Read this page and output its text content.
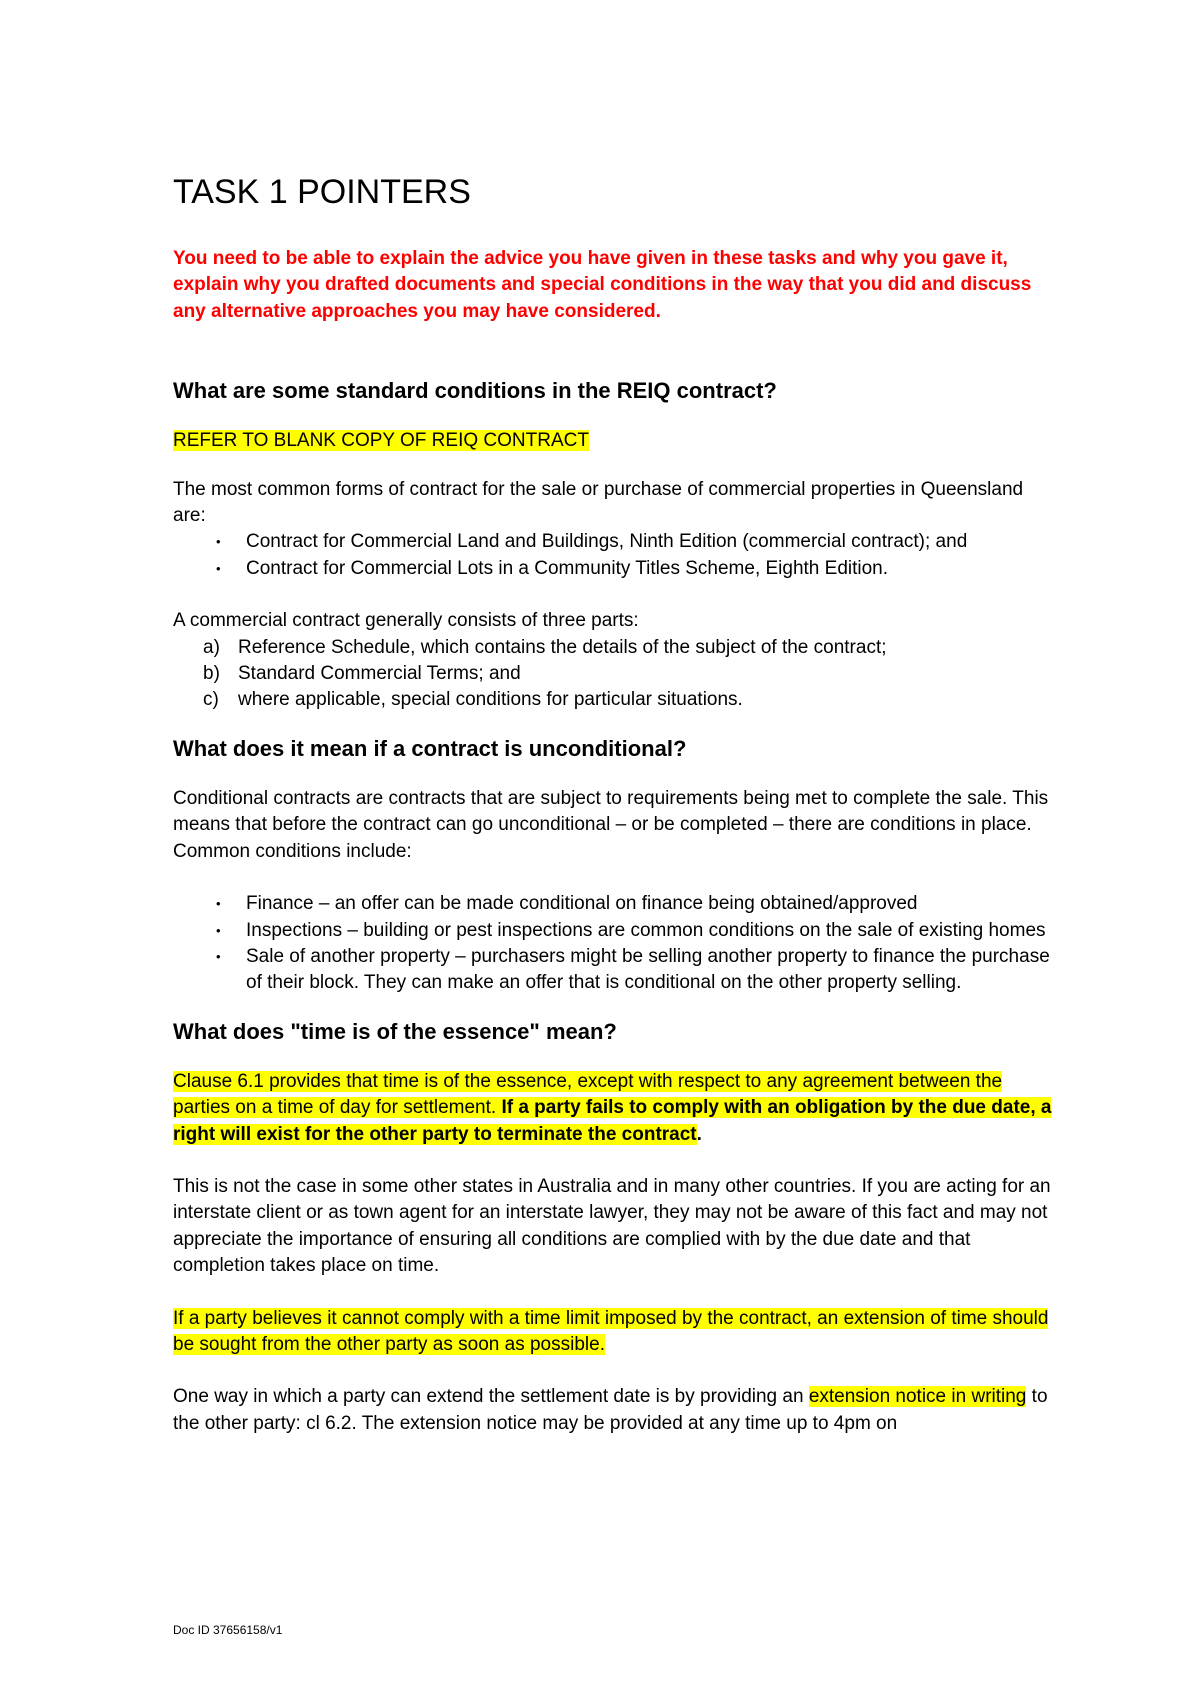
TASK 1 POINTERS

You need to be able to explain the advice you have given in these tasks and why you gave it, explain why you drafted documents and special conditions in the way that you did and discuss any alternative approaches you may have considered.

What are some standard conditions in the REIQ contract?

REFER TO BLANK COPY OF REIQ CONTRACT

The most common forms of contract for the sale or purchase of commercial properties in Queensland are:

• Contract for Commercial Land and Buildings, Ninth Edition (commercial contract); and
• Contract for Commercial Lots in a Community Titles Scheme, Eighth Edition.

A commercial contract generally consists of three parts:

a) Reference Schedule, which contains the details of the subject of the contract;
b) Standard Commercial Terms; and
c) where applicable, special conditions for particular situations.
What does it mean if a contract is unconditional?

Conditional contracts are contracts that are subject to requirements being met to complete the sale. This means that before the contract can go unconditional – or be completed – there are conditions in place. Common conditions include:

• Finance – an offer can be made conditional on finance being obtained/approved
• Inspections – building or pest inspections are common conditions on the sale of existing homes
• Sale of another property – purchasers might be selling another property to finance the purchase of their block. They can make an offer that is conditional on the other property selling.
What does "time is of the essence" mean?

Clause 6.1 provides that time is of the essence, except with respect to any agreement between the parties on a time of day for settlement. If a party fails to comply with an obligation by the due date, a right will exist for the other party to terminate the contract.

This is not the case in some other states in Australia and in many other countries. If you are acting for an interstate client or as town agent for an interstate lawyer, they may not be aware of this fact and may not appreciate the importance of ensuring all conditions are complied with by the due date and that completion takes place on time.

If a party believes it cannot comply with a time limit imposed by the contract, an extension of time should be sought from the other party as soon as possible.

One way in which a party can extend the settlement date is by providing an extension notice in writing to the other party: cl 6.2. The extension notice may be provided at any time up to 4pm on

Doc ID 37656158/v1
